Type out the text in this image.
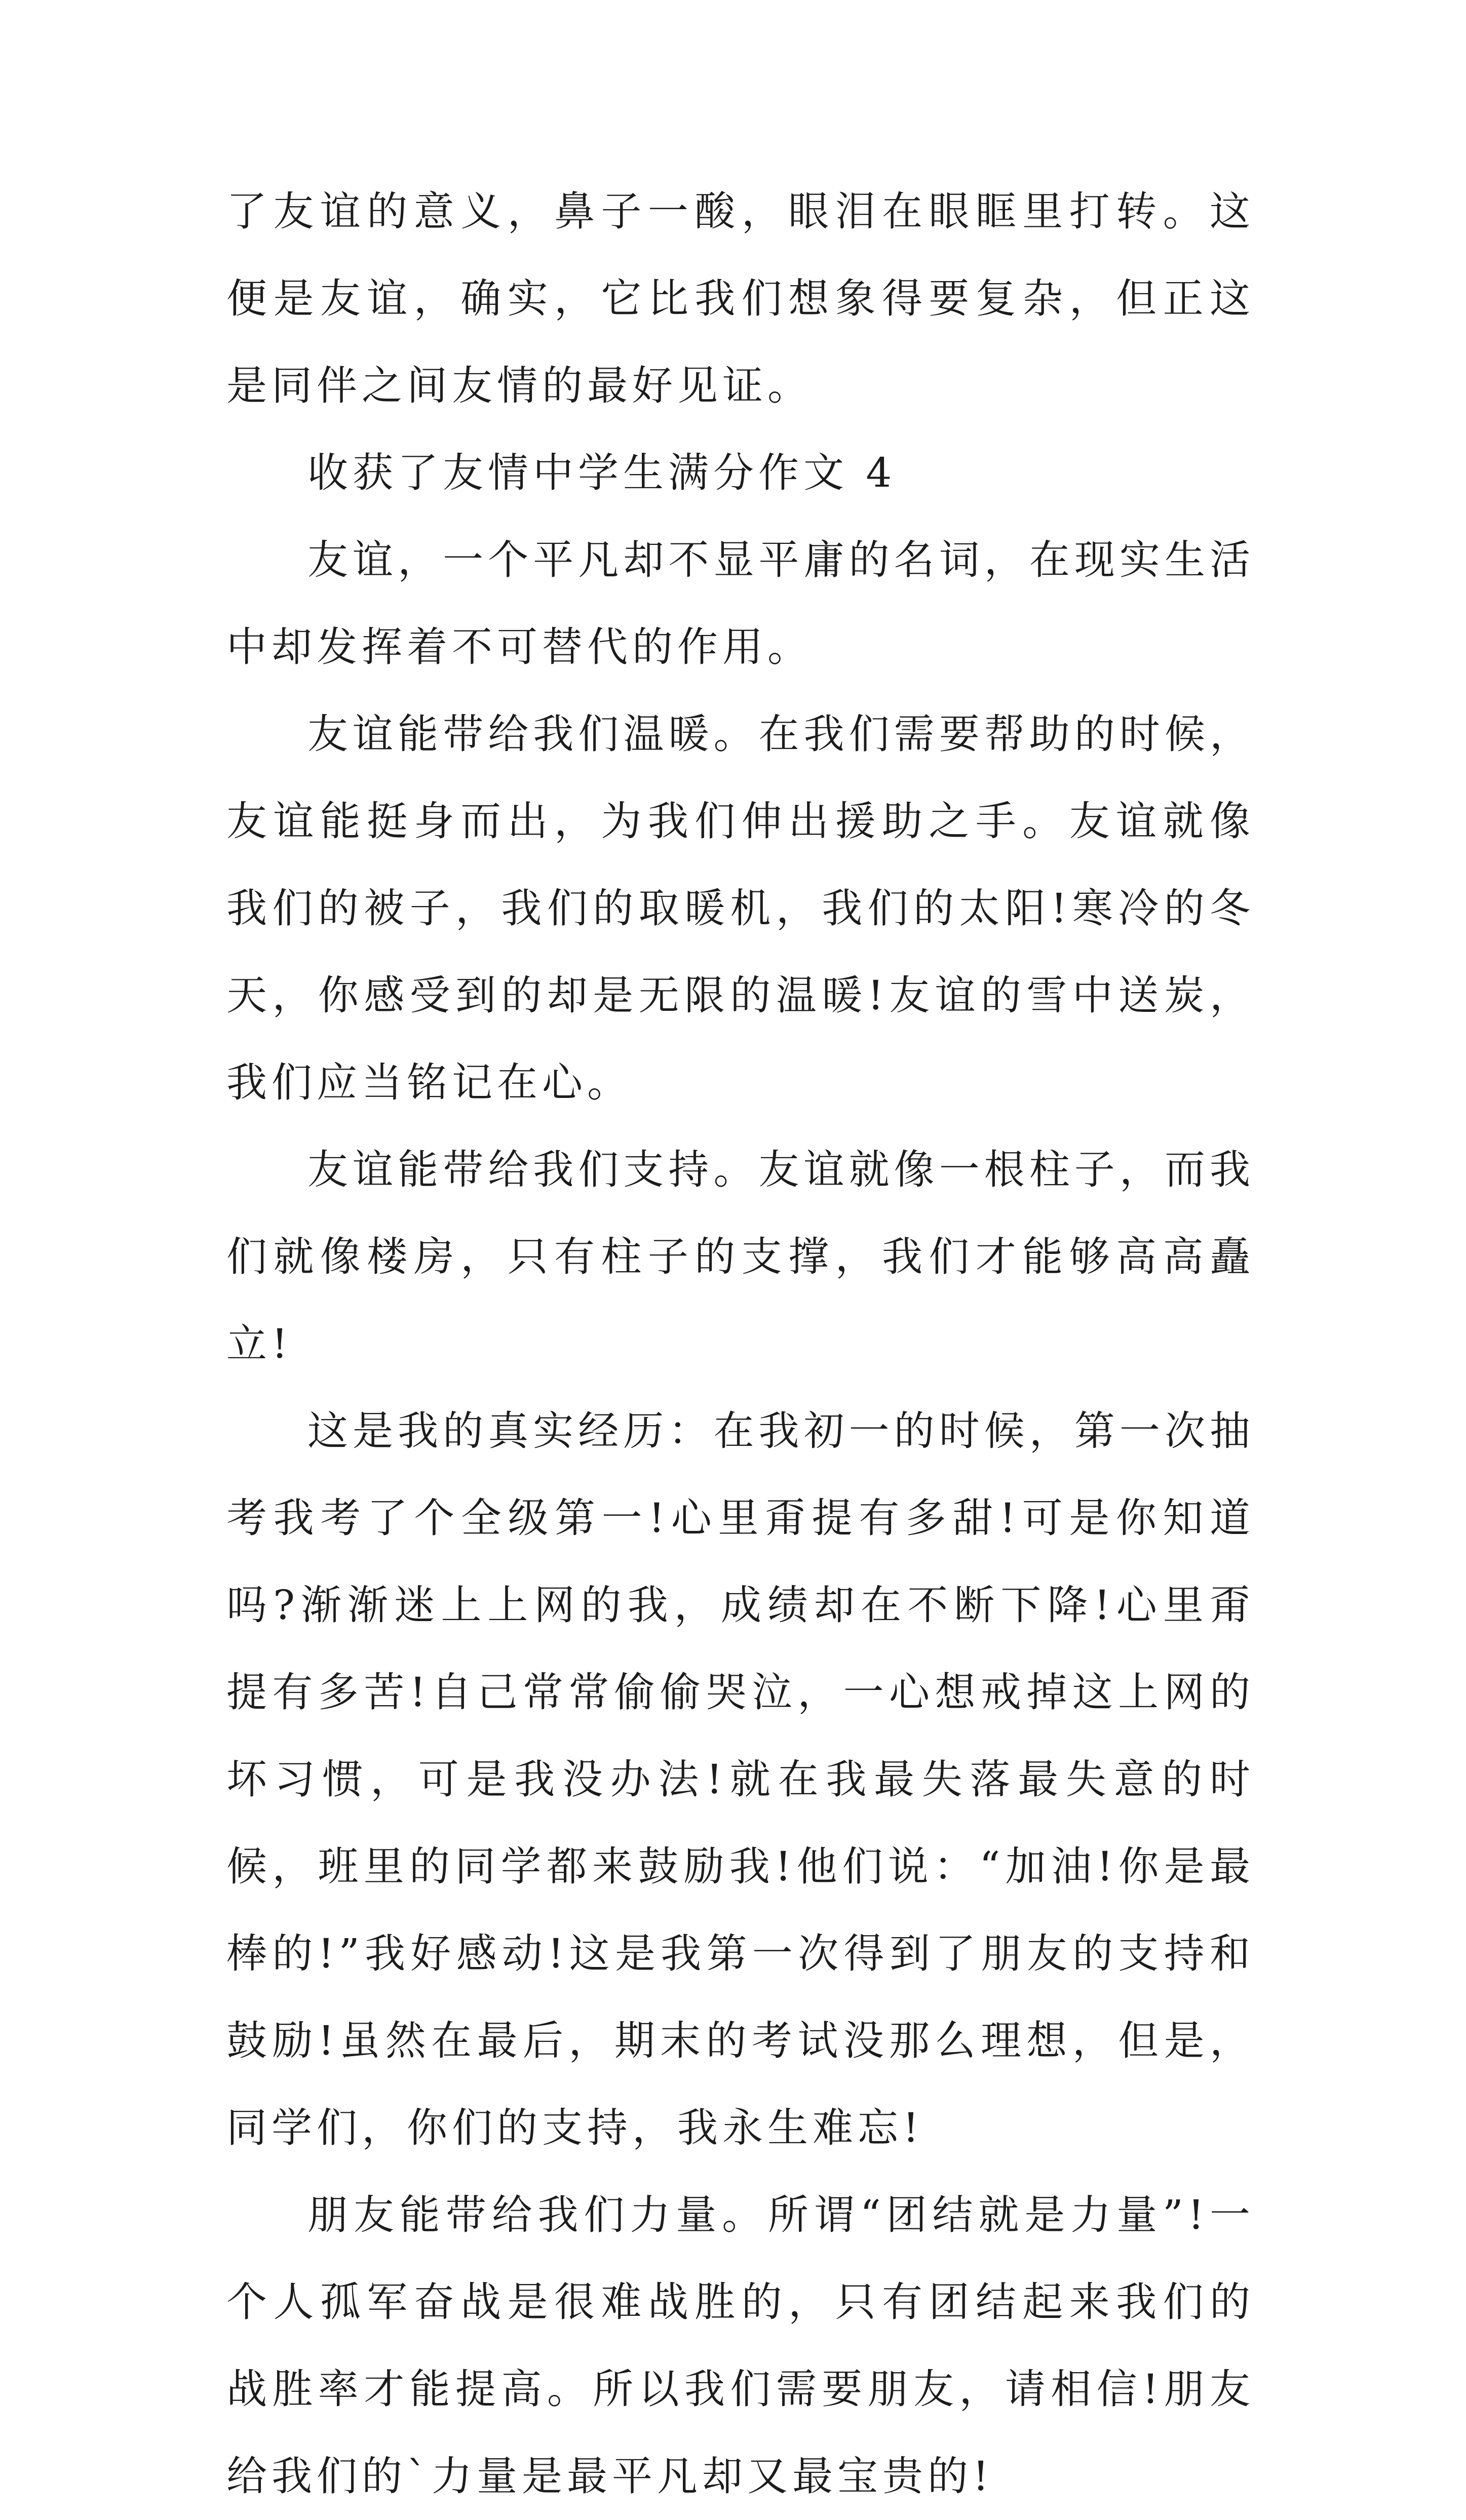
了友谊的意义，鼻子一酸，眼泪在眼眶里打转。这便是友谊，确实，它比我们想象得要复杂，但正这是同伴之间友情的最好见证。

收获了友情中学生满分作文 4

友谊，一个平凡却不显平庸的名词，在现实生活中却发挥着不可替代的作用。

友谊能带给我们温暖。在我们需要帮助的时候，友谊能挺身而出，为我们伸出援助之手。友谊就像我们的被子，我们的取暖机，我们的太阳!寒冷的冬天，你感受到的却是无限的温暖!友谊的雪中送炭，我们应当铭记在心。

友谊能带给我们支持。友谊就像一根柱子，而我们就像楼房，只有柱子的支撑，我们才能够高高矗立!

这是我的真实经历：在我初一的时候，第一次抽考我考了个全级第一!心里甭提有多甜!可是你知道吗?渐渐迷上上网的我，成绩却在不断下降!心里甭提有多苦!自己常常偷偷哭泣，一心想戒掉这上网的坏习惯，可是我没办法!就在我最失落最失意的时候，班里的同学都来鼓励我!他们说：“加油!你是最棒的!”我好感动!这是我第一次得到了朋友的支持和鼓励!虽然在最后，期末的考试没那么理想，但是，同学们，你们的支持，我永生难忘!

朋友能带给我们力量。所谓“团结就是力量”!一个人孤军奋战是很难战胜的，只有团结起来我们的战胜率才能提高。所以我们需要朋友，请相信!朋友给我们的`力量是最平凡却又最宝贵的!
